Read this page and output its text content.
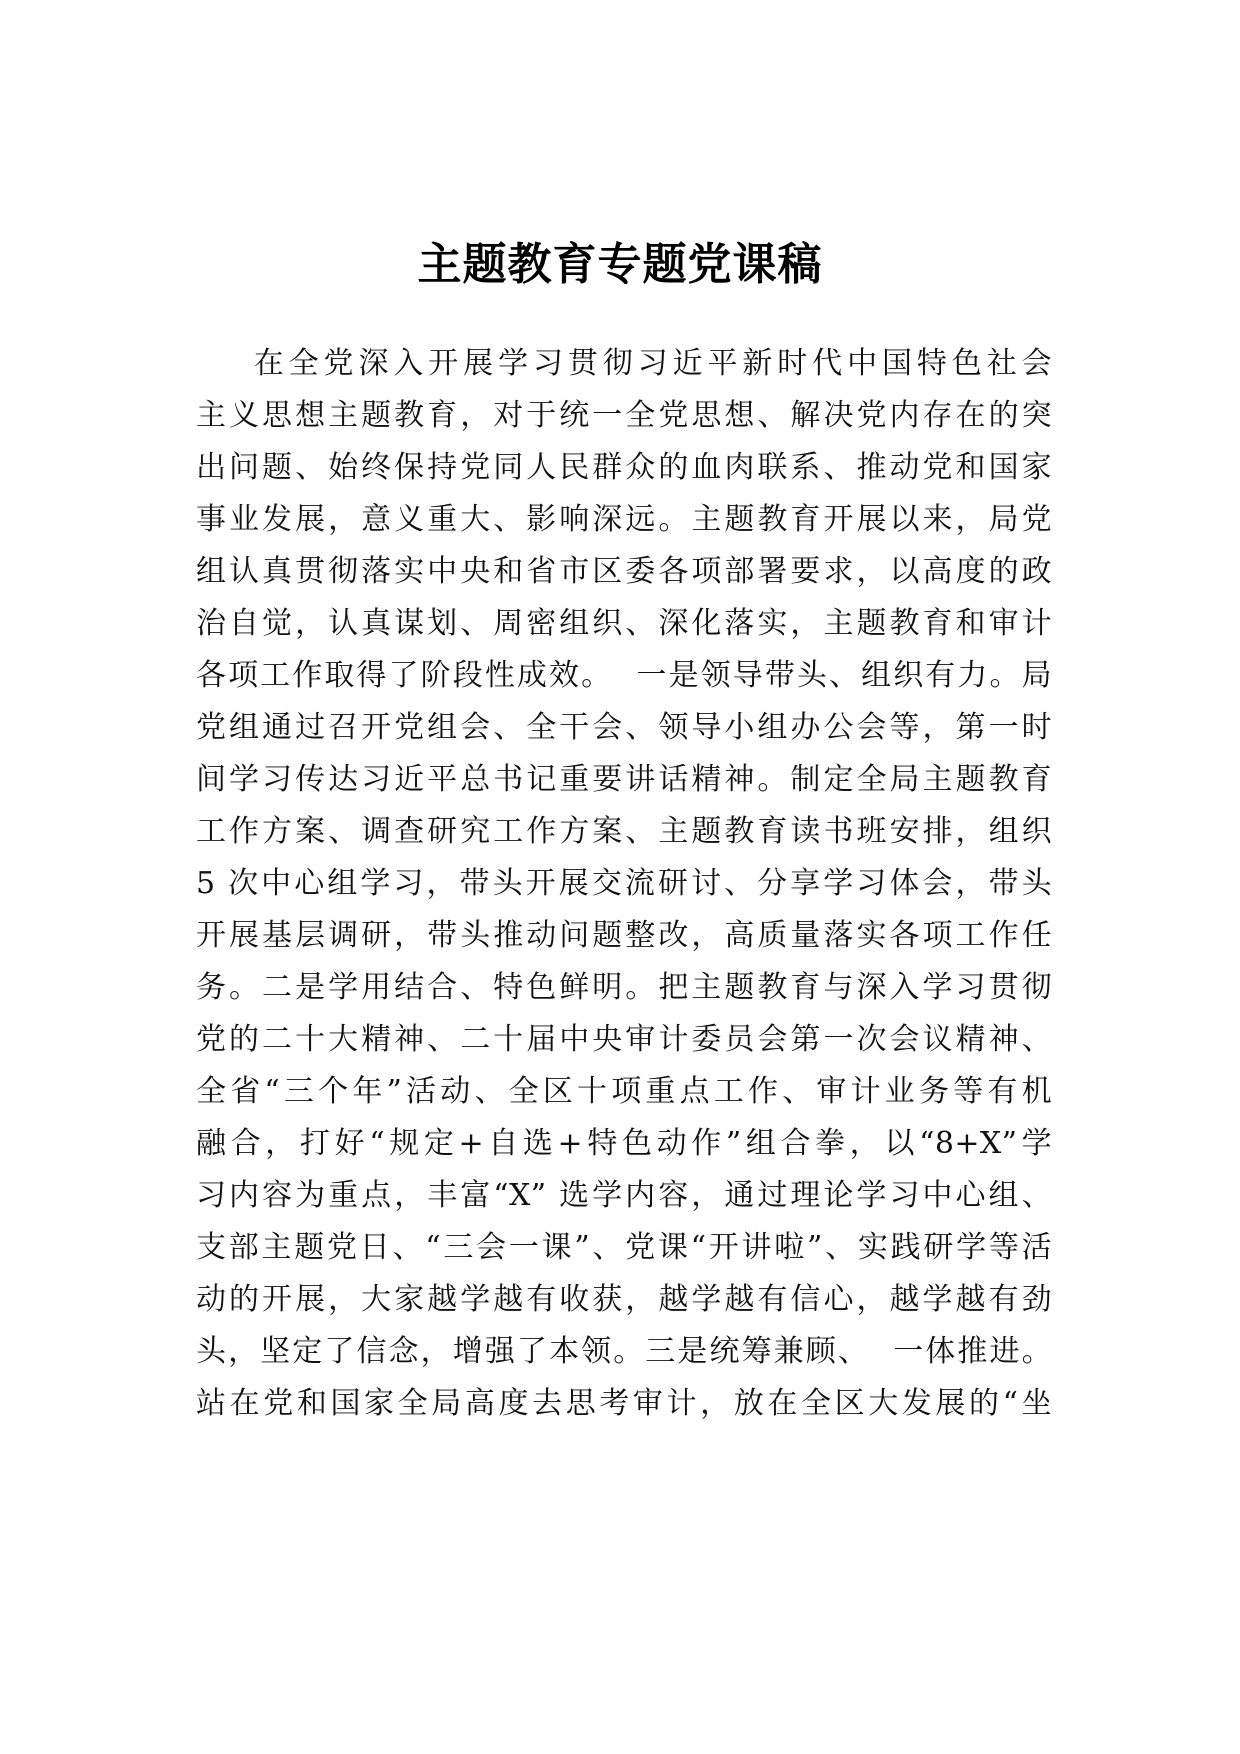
主题教育专题党课稿
在全党深入开展学习贯彻习近平新时代中国特色社会
主义思想主题教育，对于统一全党思想、解决党内存在的突
出问题、始终保持党同人民群众的血肉联系、推动党和国家
事业发展，意义重大、影响深远。主题教育开展以来，局党
组认真贯彻落实中央和省市区委各项部署要求，以高度的政
治自觉，认真谋划、周密组织、深化落实，主题教育和审计
各项工作取得了阶段性成效。  一是领导带头、组织有力。局
党组通过召开党组会、全干会、领导小组办公会等，第一时
间学习传达习近平总书记重要讲话精神。制定全局主题教育
工作方案、调查研究工作方案、主题教育读书班安排，组织
5 次中心组学习，带头开展交流研讨、分享学习体会，带头
开展基层调研，带头推动问题整改，高质量落实各项工作任
务。二是学用结合、特色鲜明。把主题教育与深入学习贯彻
党的二十大精神、二十届中央审计委员会第一次会议精神、
全省“三个年”活动、全区十项重点工作、审计业务等有机
融合，打好“规定+自选+特色动作”组合拳，以“8+X”学
习内容为重点，丰富“X” 选学内容，通过理论学习中心组、
支部主题党日、“三会一课”、党课“开讲啦”、实践研学等活
动的开展，大家越学越有收获，越学越有信心，越学越有劲
头，坚定了信念，增强了本领。三是统筹兼顾、  一体推进。
站在党和国家全局高度去思考审计，放在全区大发展的“坐
